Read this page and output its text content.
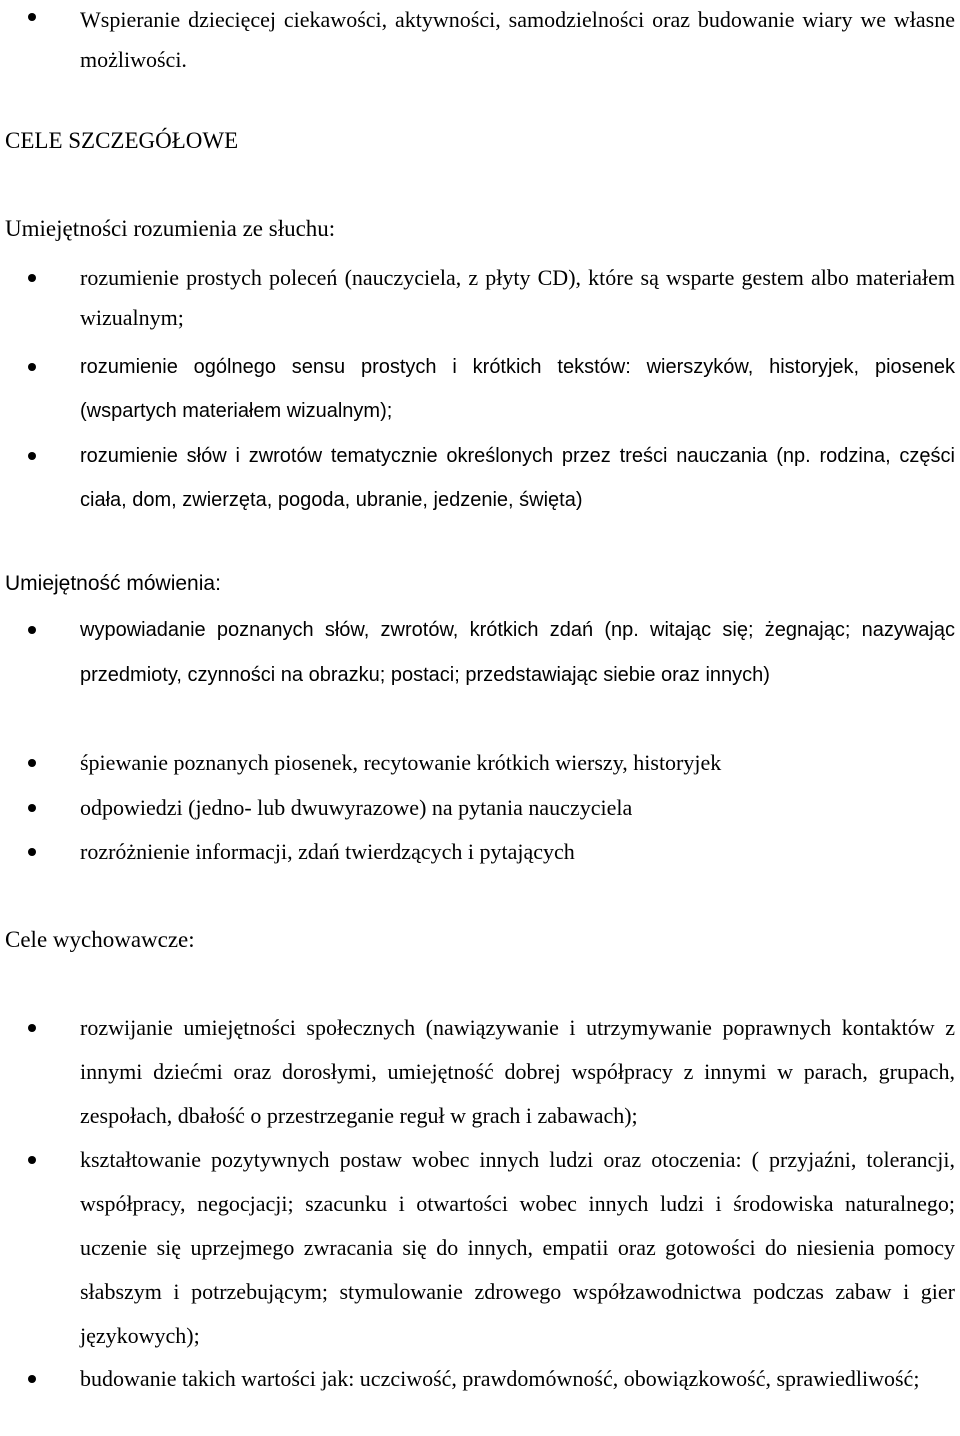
Wspieranie dziecięcej ciekawości, aktywności, samodzielności oraz budowanie wiary we własne możliwości.

CELE SZCZEGÓŁOWE
Umiejętności rozumienia ze słuchu:

rozumienie prostych poleceń (nauczyciela, z płyty CD), które są wsparte gestem albo materiałem wizualnym;

rozumienie ogólnego sensu prostych i krótkich tekstów: wierszyków, historyjek, piosenek (wspartych materiałem wizualnym);

rozumienie słów i zwrotów tematycznie określonych przez treści nauczania (np. rodzina, części ciała, dom, zwierzęta, pogoda, ubranie, jedzenie, święta)

Umiejętność mówienia:

wypowiadanie poznanych słów, zwrotów, krótkich zdań (np. witając się; żegnając; nazywając przedmioty, czynności na obrazku; postaci; przedstawiając siebie oraz innych)

śpiewanie poznanych piosenek, recytowanie krótkich wierszy, historyjek

odpowiedzi (jedno- lub dwuwyrazowe) na pytania nauczyciela

rozróżnienie informacji, zdań twierdzących i pytających

Cele wychowawcze:

rozwijanie umiejętności społecznych (nawiązywanie i utrzymywanie poprawnych kontaktów z innymi dziećmi oraz dorosłymi, umiejętność dobrej współpracy z innymi w parach, grupach, zespołach, dbałość o przestrzeganie reguł w grach i zabawach);

kształtowanie pozytywnych postaw wobec innych ludzi oraz otoczenia: ( przyjaźni, tolerancji, współpracy, negocjacji; szacunku i otwartości wobec innych ludzi i środowiska naturalnego; uczenie się uprzejmego zwracania się do innych, empatii oraz gotowości do niesienia pomocy słabszym i potrzebującym; stymulowanie zdrowego współzawodnictwa podczas zabaw i gier językowych);

budowanie takich wartości jak: uczciwość, prawdomówność, obowiązkowość, sprawiedliwość;
